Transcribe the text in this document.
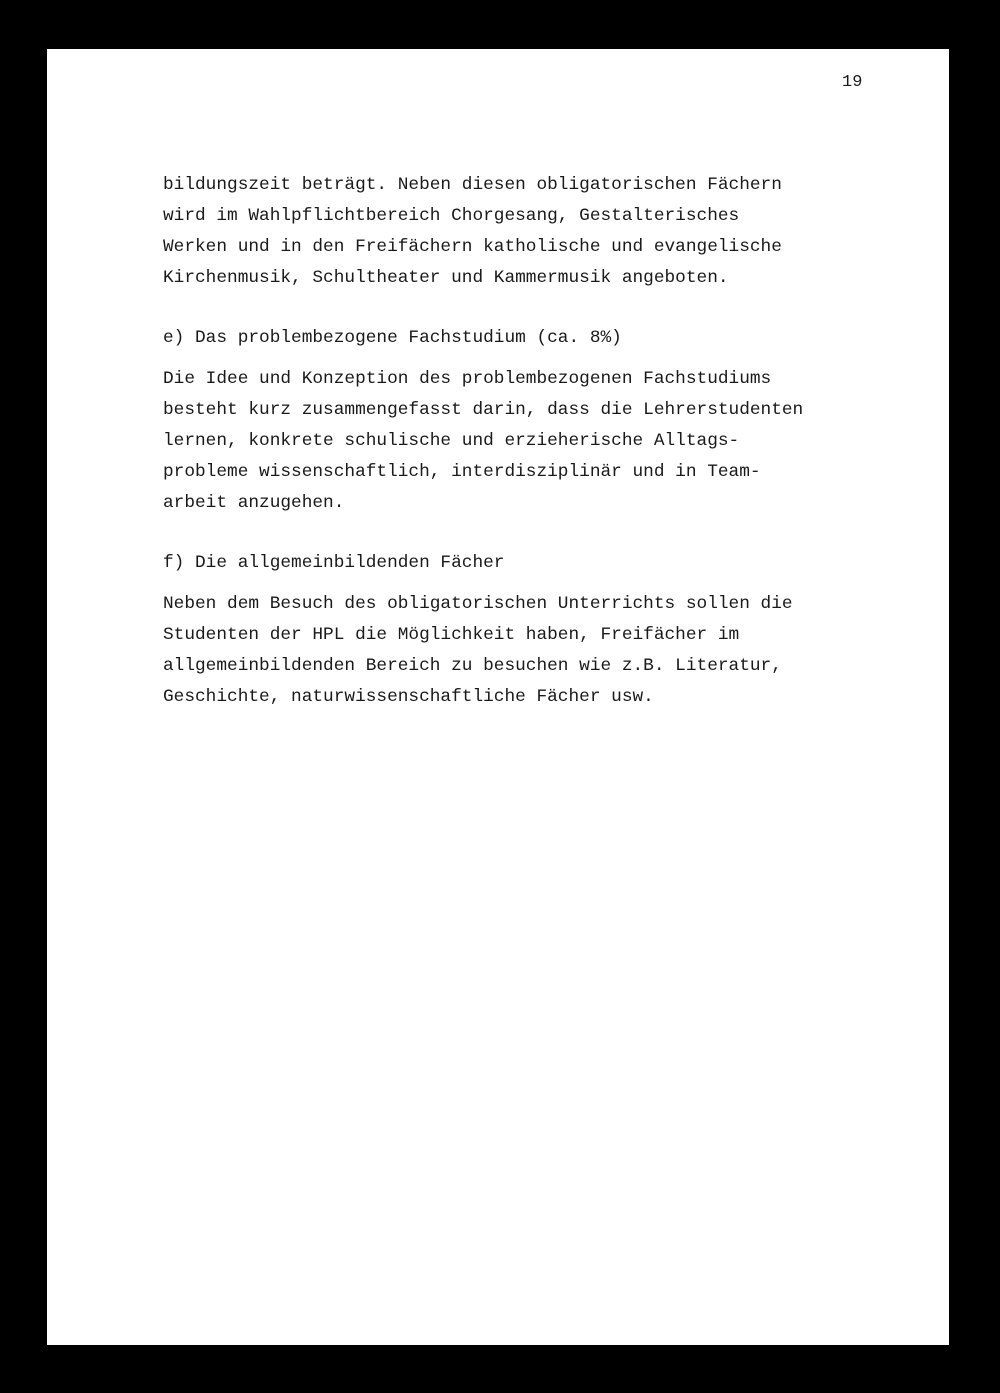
19
bildungszeit beträgt. Neben diesen obligatorischen Fächern
wird im Wahlpflichtbereich Chorgesang, Gestalterisches
Werken und in den Freifächern katholische und evangelische
Kirchenmusik, Schultheater und Kammermusik angeboten.
e) Das problembezogene Fachstudium (ca. 8%)
Die Idee und Konzeption des problembezogenen Fachstudiums
besteht kurz zusammengefasst darin, dass die Lehrerstudenten
lernen, konkrete schulische und erzieherische Alltags-
probleme wissenschaftlich, interdisziplinär und in Team-
arbeit anzugehen.
f) Die allgemeinbildenden Fächer
Neben dem Besuch des obligatorischen Unterrichts sollen die
Studenten der HPL die Möglichkeit haben, Freifächer im
allgemeinbildenden Bereich zu besuchen wie z.B. Literatur,
Geschichte, naturwissenschaftliche Fächer usw.
